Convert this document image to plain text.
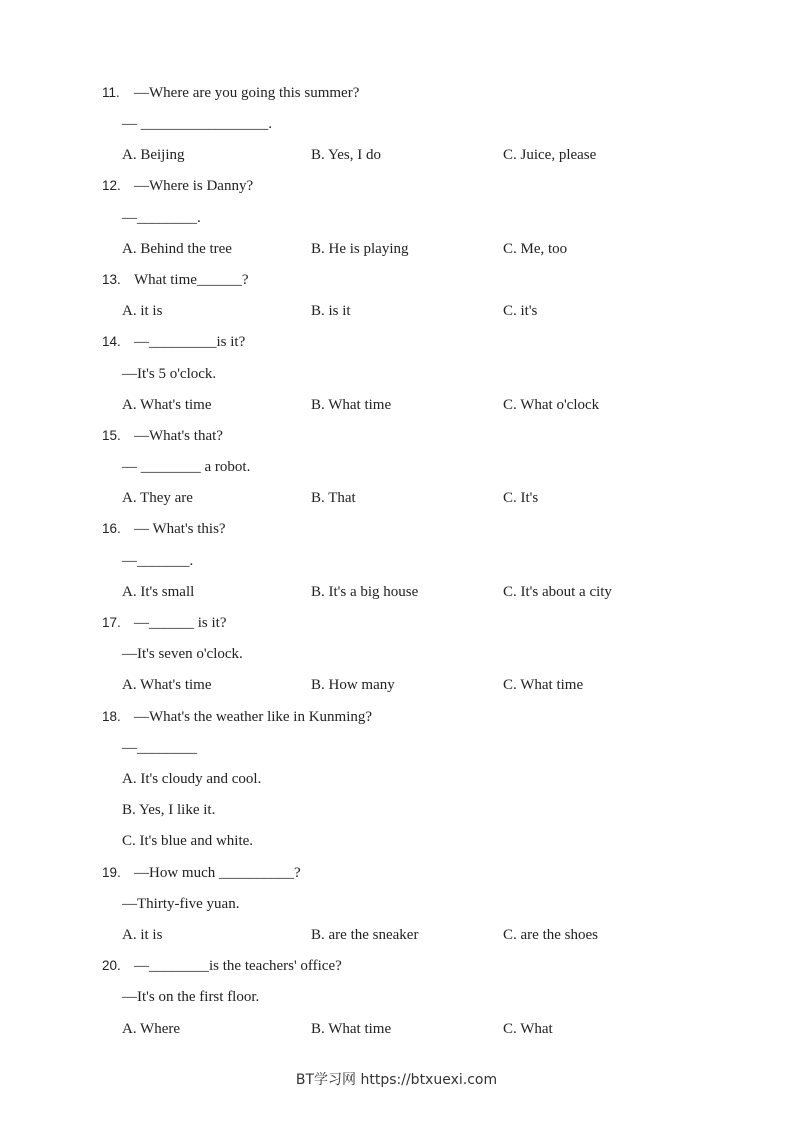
11. —Where are you going this summer?
— _________________.
A. Beijing	B. Yes, I do	C. Juice, please
12. —Where is Danny?
—________.
A. Behind the tree	B. He is playing	C. Me, too
13. What time______?
A. it is	B. is it	C. it's
14. —_________is it?
—It's 5 o'clock.
A. What's time	B. What time	C. What o'clock
15. —What's that?
— ________ a robot.
A. They are	B. That	C. It's
16. — What's this?
—_______.
A. It's small	B. It's a big house	C. It's about a city
17. —______ is it?
—It's seven o'clock.
A. What's time	B. How many	C. What time
18. —What's the weather like in Kunming?
—________
A. It's cloudy and cool.
B. Yes, I like it.
C. It's blue and white.
19. —How much __________?
—Thirty-five yuan.
A. it is	B. are the sneaker	C. are the shoes
20. —________is the teachers' office?
—It's on the first floor.
A. Where	B. What time	C. What
BT学习网 https://btxuexi.com
